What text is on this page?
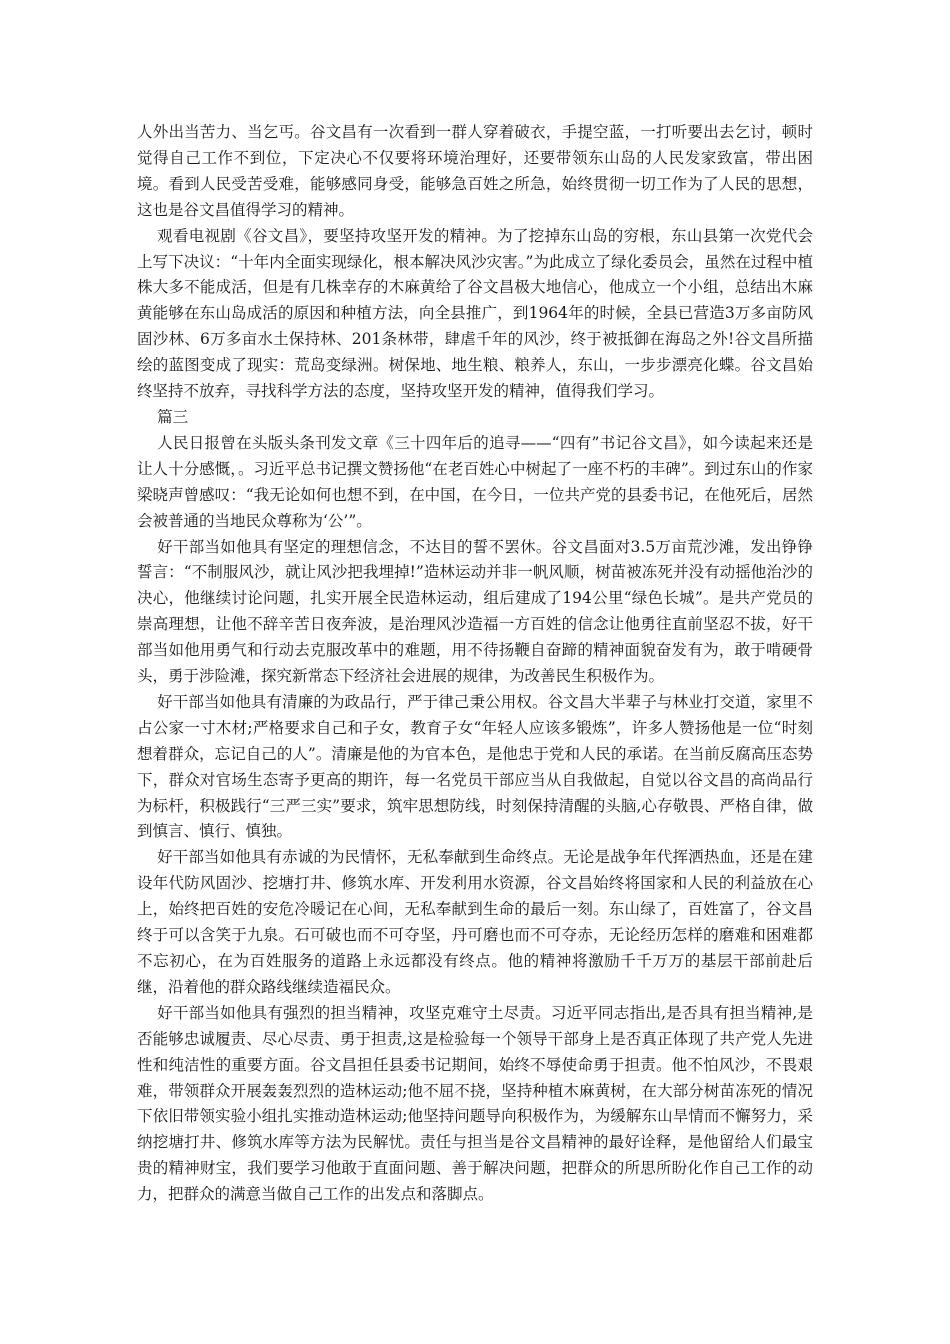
人外出当苦力、当乞丐。谷文昌有一次看到一群人穿着破衣，手提空蓝，一打听要出去乞讨，顿时觉得自己工作不到位，下定决心不仅要将环境治理好，还要带领东山岛的人民发家致富，带出困境。看到人民受苦受难，能够感同身受，能够急百姓之所急，始终贯彻一切工作为了人民的思想，这也是谷文昌值得学习的精神。

观看电视剧《谷文昌》，要坚持攻坚开发的精神。为了挖掉东山岛的穷根，东山县第一次党代会上写下决议：“十年内全面实现绿化，根本解决风沙灾害。”为此成立了绿化委员会，虽然在过程中植株大多不能成活，但是有几株幸存的木麻黄给了谷文昌极大地信心，他成立一个小组，总结出木麻黄能够在东山岛成活的原因和种植方法，向全县推广，到1964年的时候，全县已营造3万多亩防风固沙林、6万多亩水土保持林、201条林带，肆虐千年的风沙，终于被抵御在海岛之外!谷文昌所描绘的蓝图变成了现实：荒岛变绿洲。树保地、地生粮、粮养人，东山，一步步漂亮化蝶。谷文昌始终坚持不放弃，寻找科学方法的态度，坚持攻坚开发的精神，值得我们学习。

篇三

人民日报曾在头版头条刊发文章《三十四年后的追寻——“四有”书记谷文昌》，如今读起来还是让人十分感慨，。习近平总书记撰文赞扬他“在老百姓心中树起了一座不朽的丰碑”。到过东山的作家梁晓声曾感叹：“我无论如何也想不到，在中国，在今日，一位共产党的县委书记，在他死后，居然会被普通的当地民众尊称为‘公’”。

好干部当如他具有坚定的理想信念，不达目的誓不罢休。谷文昌面对3.5万亩荒沙滩，发出铮铮誓言：“不制服风沙，就让风沙把我埋掉!”造林运动并非一帆风顺，树苗被冻死并没有动摇他治沙的决心，他继续讨论问题，扎实开展全民造林运动，组后建成了194公里“绿色长城”。是共产党员的崇高理想，让他不辞辛苦日夜奔波，是治理风沙造福一方百姓的信念让他勇往直前坚忍不拔，好干部当如他用勇气和行动去克服改革中的难题，用不待扬鞭自奋蹄的精神面貌奋发有为，敢于啃硬骨头，勇于涉险滩，探究新常态下经济社会进展的规律，为改善民生积极作为。

好干部当如他具有清廉的为政品行，严于律己秉公用权。谷文昌大半辈子与林业打交道，家里不占公家一寸木材;严格要求自己和子女，教育子女“年轻人应该多锻炼”，许多人赞扬他是一位“时刻想着群众，忘记自己的人”。清廉是他的为官本色，是他忠于党和人民的承诺。在当前反腐高压态势下，群众对官场生态寄予更高的期许，每一名党员干部应当从自我做起，自觉以谷文昌的高尚品行为标杆，积极践行“三严三实”要求，筑牢思想防线，时刻保持清醒的头脑,心存敬畏、严格自律，做到慎言、慎行、慎独。

好干部当如他具有赤诚的为民情怀，无私奉献到生命终点。无论是战争年代挥洒热血，还是在建设年代防风固沙、挖塘打井、修筑水库、开发利用水资源，谷文昌始终将国家和人民的利益放在心上，始终把百姓的安危冷暖记在心间，无私奉献到生命的最后一刻。东山绿了，百姓富了，谷文昌终于可以含笑于九泉。石可破也而不可夺坚，丹可磨也而不可夺赤，无论经历怎样的磨难和困难都不忘初心，在为百姓服务的道路上永远都没有终点。他的精神将激励千千万万的基层干部前赴后继，沿着他的群众路线继续造福民众。

好干部当如他具有强烈的担当精神，攻坚克难守土尽责。习近平同志指出,是否具有担当精神,是否能够忠诚履责、尽心尽责、勇于担责,这是检验每一个领导干部身上是否真正体现了共产党人先进性和纯洁性的重要方面。谷文昌担任县委书记期间，始终不辱使命勇于担责。他不怕风沙，不畏艰难，带领群众开展轰轰烈烈的造林运动;他不屈不挠，坚持种植木麻黄树，在大部分树苗冻死的情况下依旧带领实验小组扎实推动造林运动;他坚持问题导向积极作为，为缓解东山旱情而不懈努力，采纳挖塘打井、修筑水库等方法为民解忧。责任与担当是谷文昌精神的最好诠释，是他留给人们最宝贵的精神财宝，我们要学习他敢于直面问题、善于解决问题，把群众的所思所盼化作自己工作的动力，把群众的满意当做自己工作的出发点和落脚点。
